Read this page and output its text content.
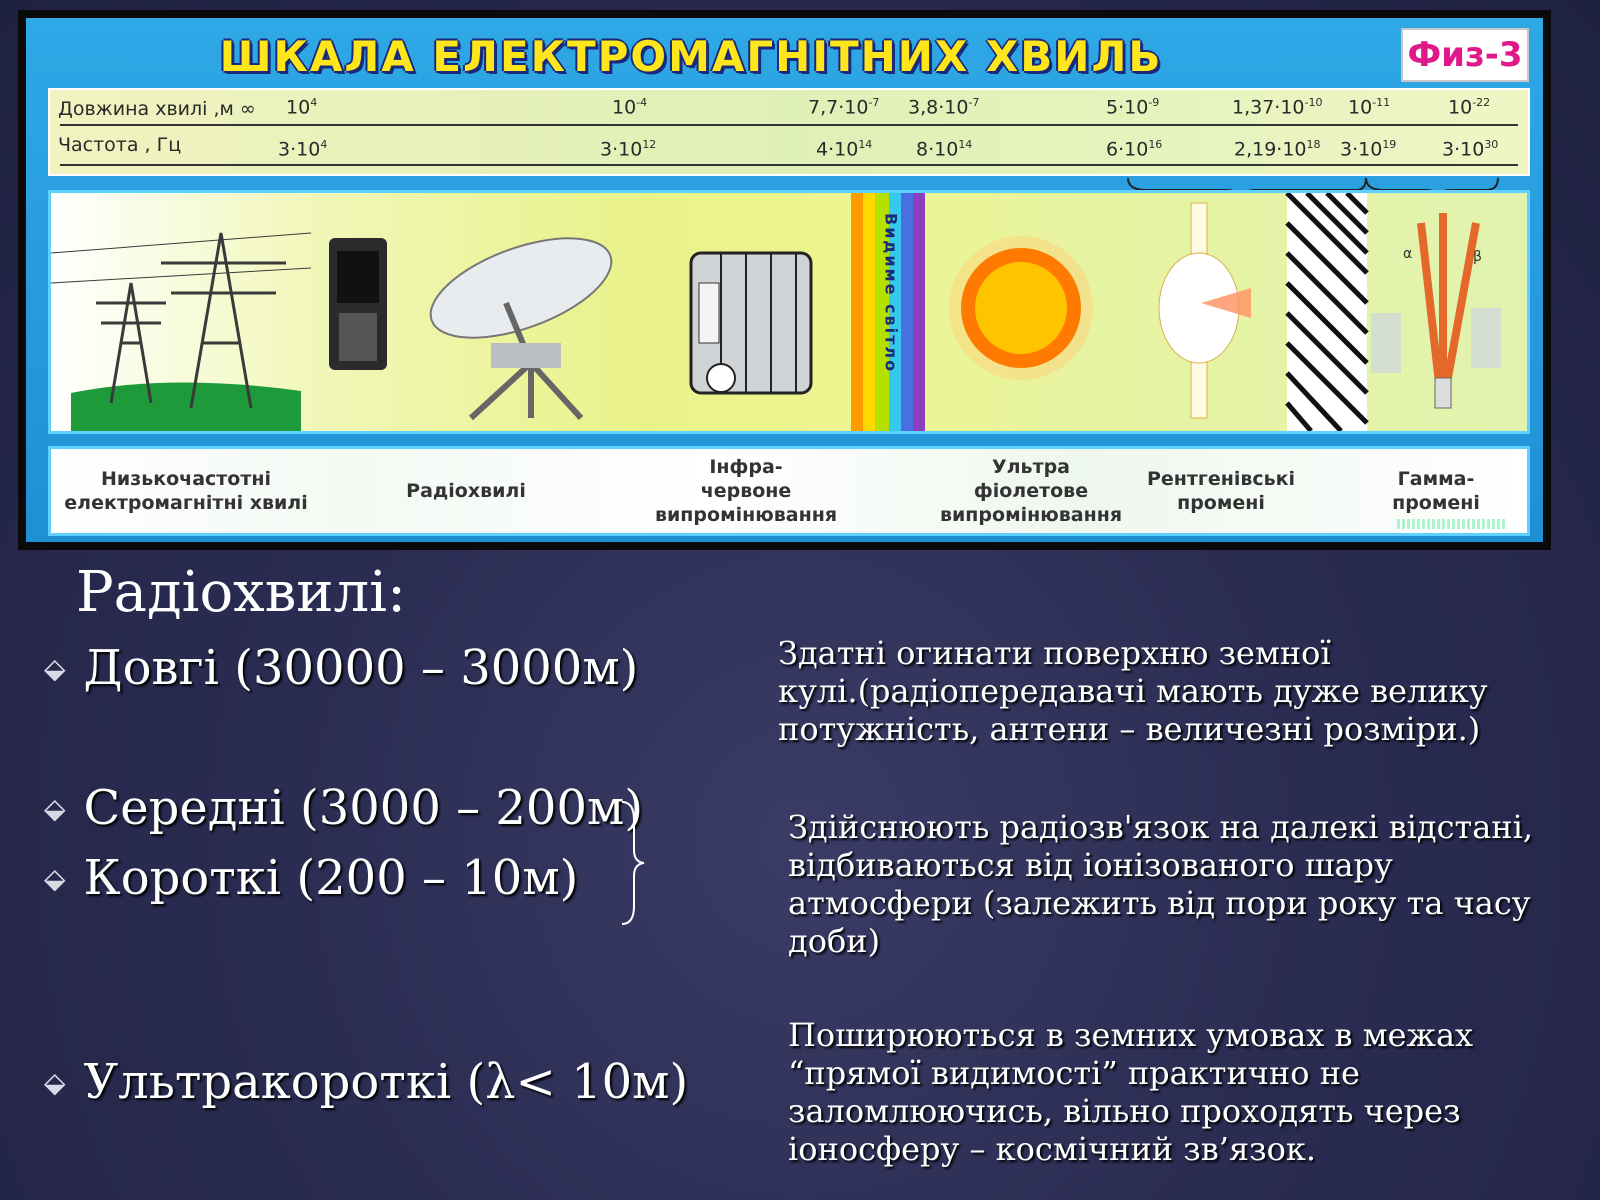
ШКАЛА ЕЛЕКТРОМАГНІТНИХ ХВИЛЬ	Физ-3
Довжина хвилі ,м ∞
Частота , Гц
$10^4$	$10^{-4}$	$7,7\cdot 10^{-7}$ $3,8\cdot 10^{-7}$	$5\cdot 10^{-9}$	$1,37\cdot 10^{-10}$ $10^{-11}$	$10^{-22}$
$3\cdot 10^4$	$3\cdot 10^{12}$	$4\cdot 10^{14}$ $8\cdot 10^{14}$	$6\cdot 10^{16}$	$2,19\cdot 10^{18}$ $3\cdot 10^{19}$ $3\cdot 10^{30}$
α	β
Видиме світло
Низькочастотні
електромагнітні хвилі
Радіохвилі
Інфра-
червоне
випромінювання
Ультра
фіолетове
випромінювання
Рентгенівські
промені
Гамма-
промені
Радіохвилі:
⬙ Довгі (30000 – 3000м)
⬙ Середні (3000 – 200м)
⬙ Короткі (200 – 10м)
⬙ Ультракороткі (λ< 10м)
Здатні огинати поверхню земної
кулі.(радіопередавачі мають дуже велику
потужність, антени – величезні розміри.)
Здійснюють радіозв'язок на далекі відстані,
відбиваються від іонізованого шару
атмосфери (залежить від пори року та часу
доби)
Поширюються в земних умовах в межах
“прямої видимості” практично не
заломлюючись, вільно проходять через
іоносферу – космічний зв’язок.
